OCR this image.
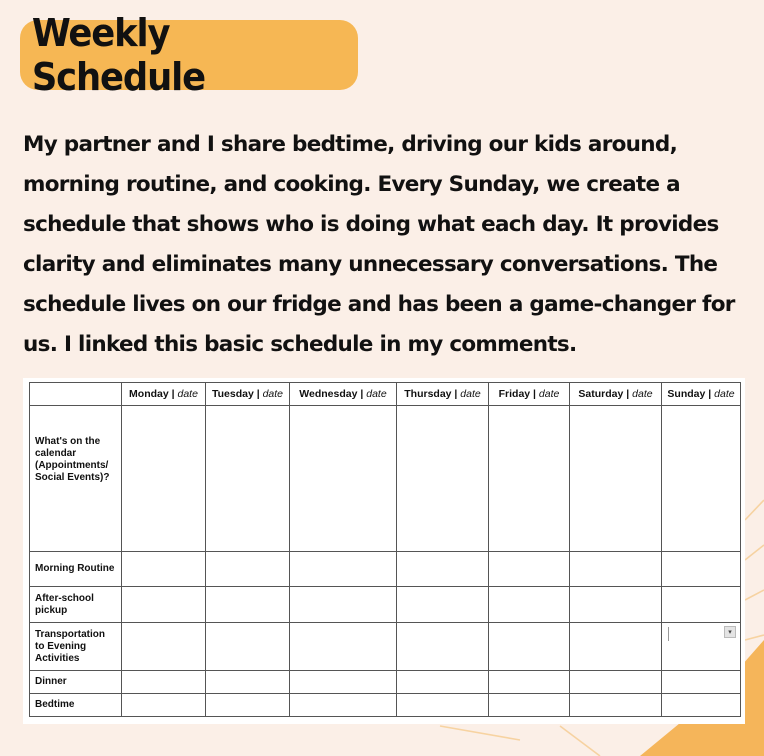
Weekly Schedule

My partner and I share bedtime, driving our kids around, morning routine, and cooking. Every Sunday, we create a schedule that shows who is doing what each day. It provides clarity and eliminates many unnecessary conversations. The schedule lives on our fridge and has been a game-changer for us. I linked this basic schedule in my comments.

	Monday | date	Tuesday | date	Wednesday | date	Thursday | date	Friday | date	Saturday | date	Sunday | date
What's on the calendar (Appointments/ Social Events)?							
Morning Routine							
After-school pickup							
Transportation to Evening Activities							▾

Dinner							
Bedtime							
